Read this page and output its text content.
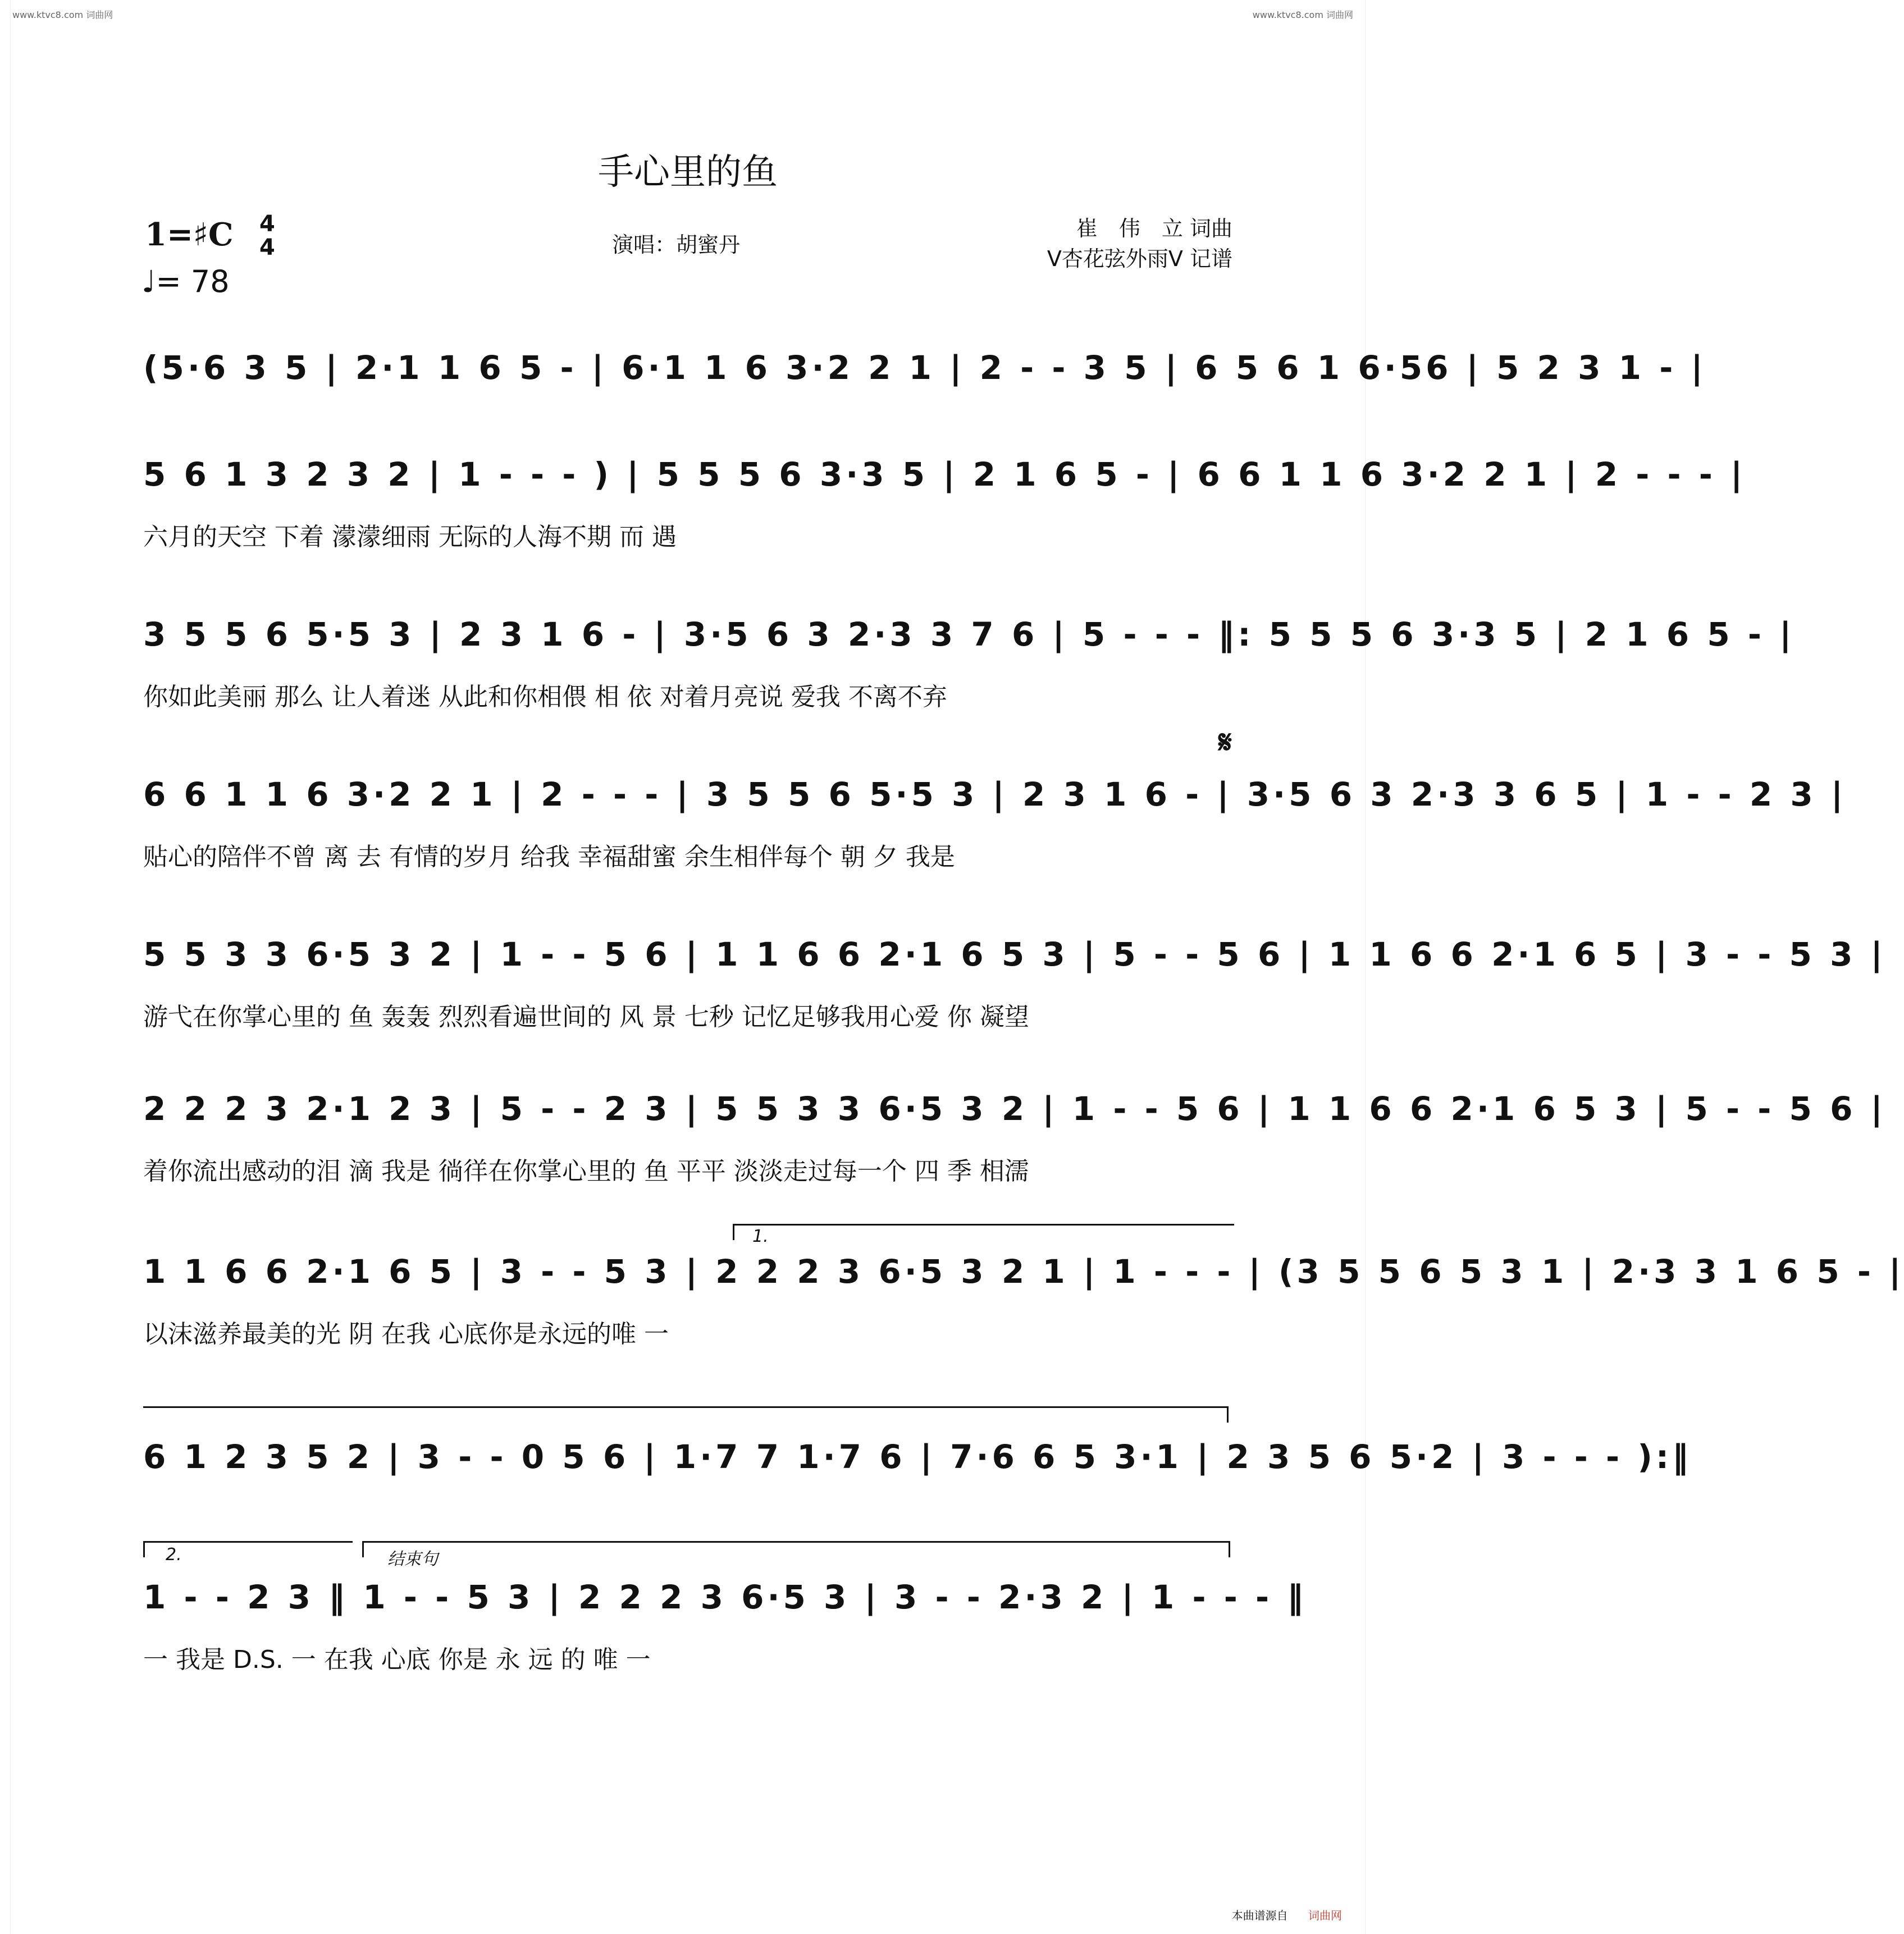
www.ktvc8.com 词曲网	www.ktvc8.com 词曲网
手心里的鱼
1=♯C 4
4
♩= 78
演唱：胡蜜丹
崔　伟　立 词曲
V杏花弦外雨V 记谱
(5·6 3 5 | 2·1 1 6 5 - | 6·1 1 6 3·2 2 1 | 2 - - 3 5 | 6 5 6 1 6·56 | 5 2 3 1 - |
5 6 1 3 2 3 2 | 1 - - - ) | 5 5 5 6 3·3 5 | 2 1 6 5 - | 6 6 1 1 6 3·2 2 1 | 2 - - - |
六月的天空 下着 濛濛细雨 无际的人海不期 而 遇
3 5 5 6 5·5 3 | 2 3 1 6 - | 3·5 6 3 2·3 3 7 6 | 5 - - - ‖: 5 5 5 6 3·3 5 | 2 1 6 5 - |
你如此美丽 那么 让人着迷 从此和你相偎 相 依 对着月亮说 爱我 不离不弃
𝄋
6 6 1 1 6 3·2 2 1 | 2 - - - | 3 5 5 6 5·5 3 | 2 3 1 6 - | 3·5 6 3 2·3 3 6 5 | 1 - - 2 3 |
贴心的陪伴不曾 离 去 有情的岁月 给我 幸福甜蜜 余生相伴每个 朝 夕 我是
5 5 3 3 6·5 3 2 | 1 - - 5 6 | 1 1 6 6 2·1 6 5 3 | 5 - - 5 6 | 1 1 6 6 2·1 6 5 | 3 - - 5 3 |
游弋在你掌心里的 鱼 轰轰 烈烈看遍世间的 风 景 七秒 记忆足够我用心爱 你 凝望
2 2 2 3 2·1 2 3 | 5 - - 2 3 | 5 5 3 3 6·5 3 2 | 1 - - 5 6 | 1 1 6 6 2·1 6 5 3 | 5 - - 5 6 |
着你流出感动的泪 滴 我是 徜徉在你掌心里的 鱼 平平 淡淡走过每一个 四 季 相濡
1.
1 1 6 6 2·1 6 5 | 3 - - 5 3 | 2 2 2 3 6·5 3 2 1 | 1 - - - | (3 5 5 6 5 3 1 | 2·3 3 1 6 5 - |
以沫滋养最美的光 阴 在我 心底你是永远的唯 一
6 1 2 3 5 2 | 3 - - 0 5 6 | 1·7 7 1·7 6 | 7·6 6 5 3·1 | 2 3 5 6 5·2 | 3 - - - ):‖
2.	结束句
1 - - 2 3 ‖ 1 - - 5 3 | 2 2 2 3 6·5 3 | 3 - - 2·3 2 | 1 - - - ‖
一 我是 D.S. 一 在我 心底 你是 永 远 的 唯 一
本曲谱源自 词曲网
